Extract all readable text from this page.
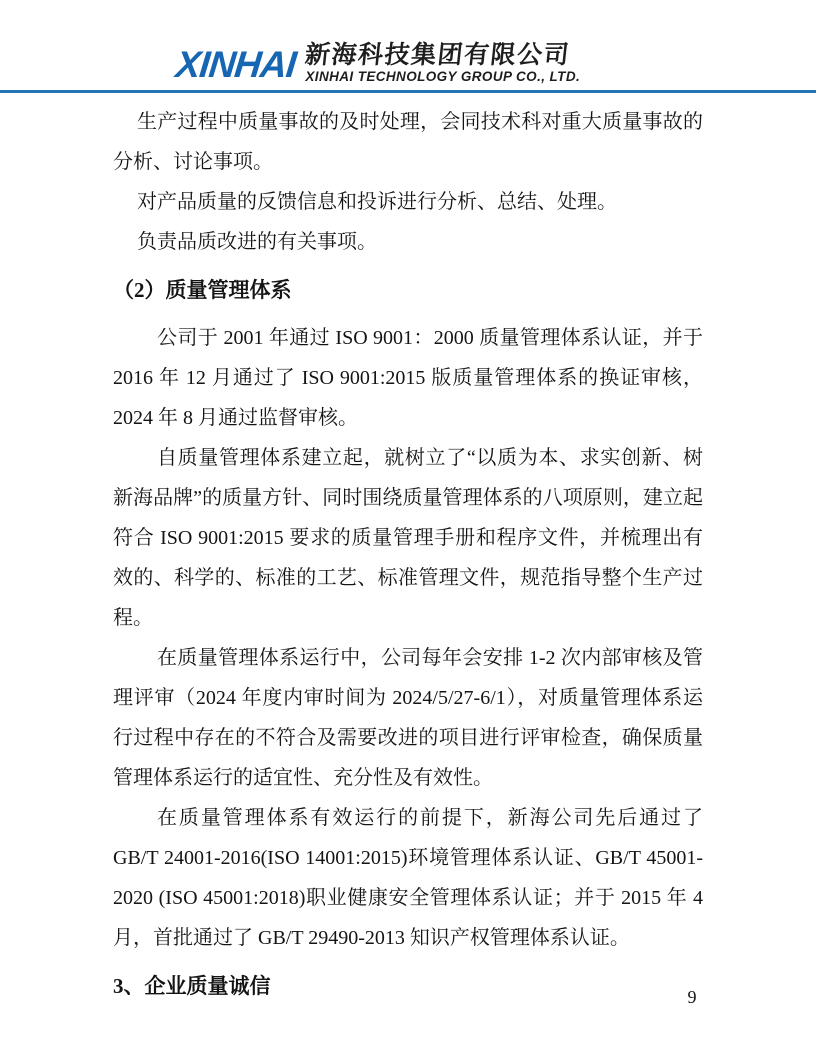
XINHAI 新海科技集团有限公司
XINHAI TECHNOLOGY GROUP CO., LTD.

生产过程中质量事故的及时处理，会同技术科对重大质量事故的分析、讨论事项。

对产品质量的反馈信息和投诉进行分析、总结、处理。

负责品质改进的有关事项。

（2）质量管理体系

公司于 2001 年通过 ISO 9001：2000 质量管理体系认证，并于 2016 年 12 月通过了 ISO 9001:2015 版质量管理体系的换证审核，2024 年 8 月通过监督审核。

自质量管理体系建立起，就树立了“以质为本、求实创新、树新海品牌”的质量方针、同时围绕质量管理体系的八项原则，建立起符合 ISO 9001:2015 要求的质量管理手册和程序文件，并梳理出有效的、科学的、标准的工艺、标准管理文件，规范指导整个生产过程。

在质量管理体系运行中，公司每年会安排 1-2 次内部审核及管理评审（2024 年度内审时间为 2024/5/27-6/1），对质量管理体系运行过程中存在的不符合及需要改进的项目进行评审检查，确保质量管理体系运行的适宜性、充分性及有效性。

在质量管理体系有效运行的前提下，新海公司先后通过了 GB/T 24001-2016(ISO 14001:2015)环境管理体系认证、GB/T 45001-2020 (ISO 45001:2018)职业健康安全管理体系认证；并于 2015 年 4 月，首批通过了 GB/T 29490-2013 知识产权管理体系认证。

3、企业质量诚信	9
